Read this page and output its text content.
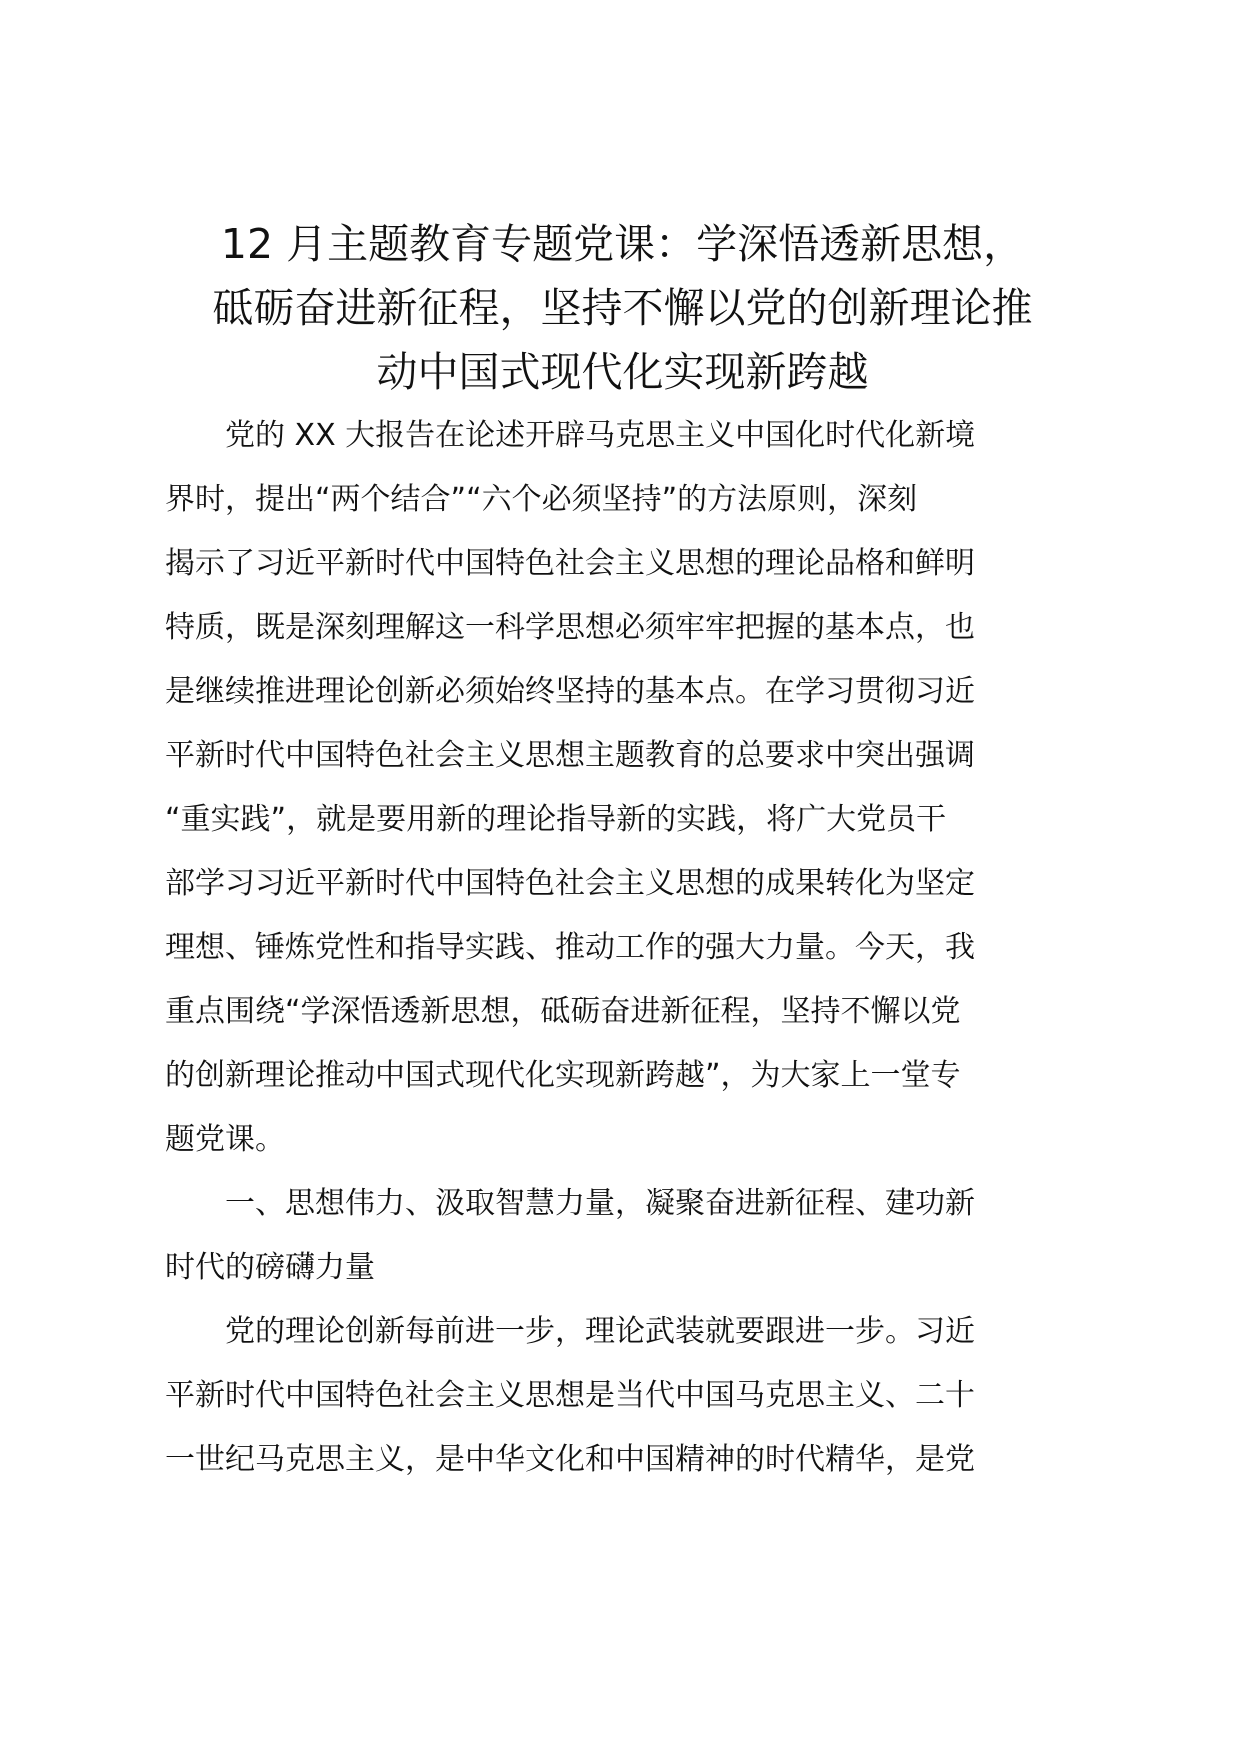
12 月主题教育专题党课：学深悟透新思想，
砥砺奋进新征程，坚持不懈以党的创新理论推
动中国式现代化实现新跨越

党的 XX 大报告在论述开辟马克思主义中国化时代化新境
界时，提出“两个结合”“六个必须坚持”的方法原则，深刻
揭示了习近平新时代中国特色社会主义思想的理论品格和鲜明
特质，既是深刻理解这一科学思想必须牢牢把握的基本点，也
是继续推进理论创新必须始终坚持的基本点。在学习贯彻习近
平新时代中国特色社会主义思想主题教育的总要求中突出强调
“重实践”，就是要用新的理论指导新的实践，将广大党员干
部学习习近平新时代中国特色社会主义思想的成果转化为坚定
理想、锤炼党性和指导实践、推动工作的强大力量。今天，我
重点围绕“学深悟透新思想，砥砺奋进新征程，坚持不懈以党
的创新理论推动中国式现代化实现新跨越”，为大家上一堂专
题党课。

一、思想伟力、汲取智慧力量，凝聚奋进新征程、建功新
时代的磅礴力量

党的理论创新每前进一步，理论武装就要跟进一步。习近
平新时代中国特色社会主义思想是当代中国马克思主义、二十
一世纪马克思主义，是中华文化和中国精神的时代精华，是党
